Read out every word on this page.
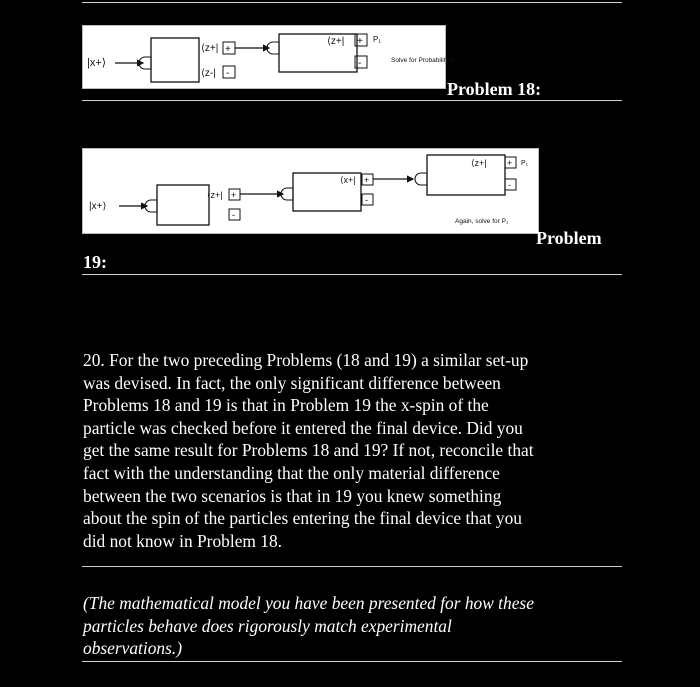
|x+⟩
⟨z+| +
⟨z-| -
⟨z+| +
-
P₁
Solve for Probability P₁
Problem 18:
|x+⟩
⟨z+| +
-
⟨x+| +
-
⟨z+| +
-
P₁
Again, solve for P₁
Problem
19:
20. For the two preceding Problems (18 and 19) a similar set-up
was devised. In fact, the only significant difference between
Problems 18 and 19 is that in Problem 19 the x-spin of the
particle was checked before it entered the final device. Did you
get the same result for Problems 18 and 19? If not, reconcile that
fact with the understanding that the only material difference
between the two scenarios is that in 19 you knew something
about the spin of the particles entering the final device that you
did not know in Problem 18.
(The mathematical model you have been presented for how these
particles behave does rigorously match experimental
observations.)
